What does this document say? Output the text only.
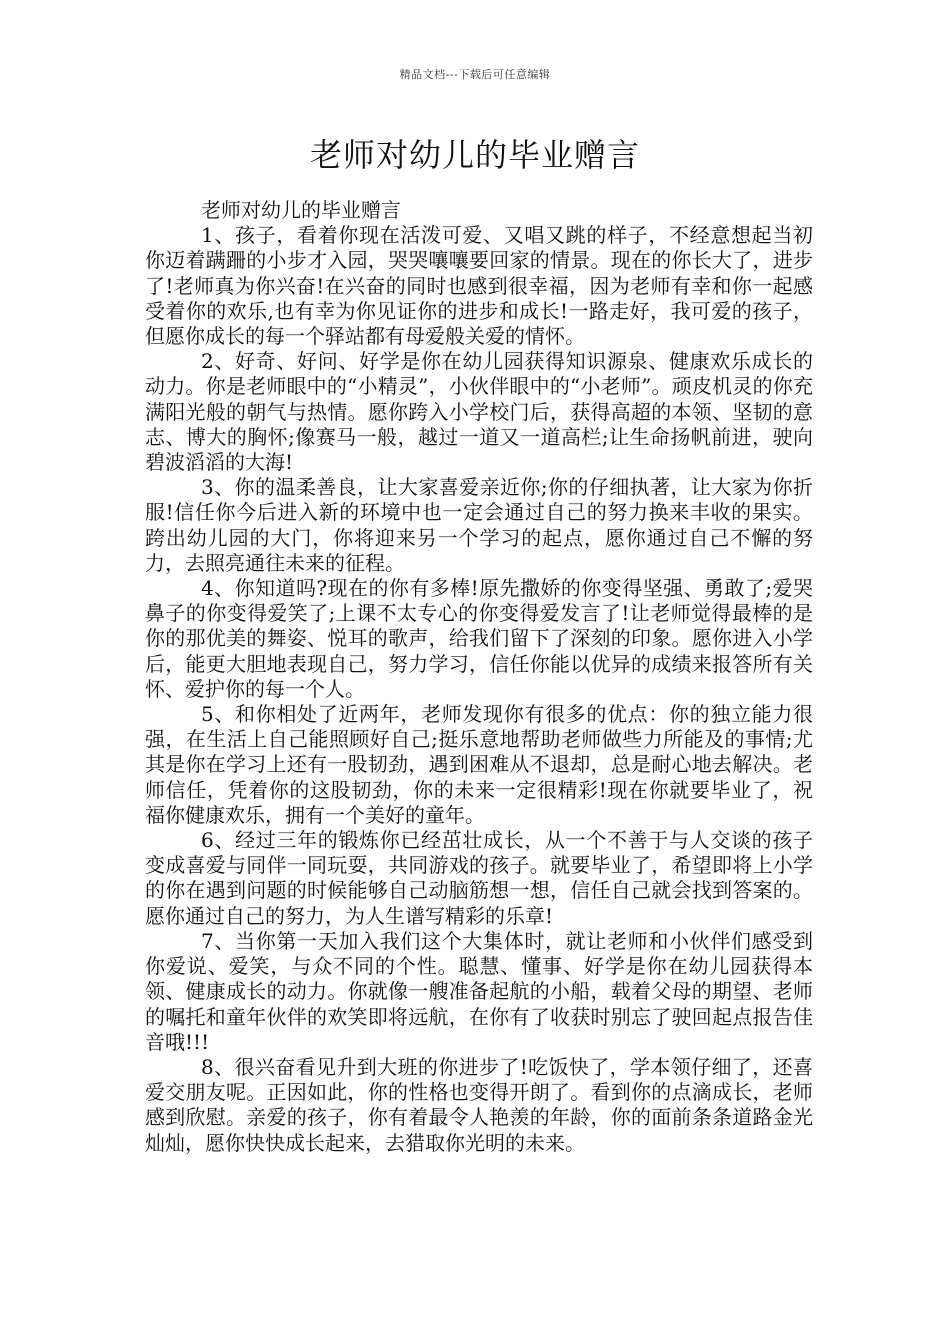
精品文档---下载后可任意编辑
老师对幼儿的毕业赠言

老师对幼儿的毕业赠言

1、孩子，看着你现在活泼可爱、又唱又跳的样子，不经意想起当初你迈着蹒跚的小步才入园，哭哭嚷嚷要回家的情景。现在的你长大了，进步了!老师真为你兴奋!在兴奋的同时也感到很幸福，因为老师有幸和你一起感受着你的欢乐,也有幸为你见证你的进步和成长!一路走好，我可爱的孩子，但愿你成长的每一个驿站都有母爱般关爱的情怀。

2、好奇、好问、好学是你在幼儿园获得知识源泉、健康欢乐成长的动力。你是老师眼中的“小精灵”，小伙伴眼中的“小老师”。顽皮机灵的你充满阳光般的朝气与热情。愿你跨入小学校门后，获得高超的本领、坚韧的意志、博大的胸怀;像赛马一般，越过一道又一道高栏;让生命扬帆前进，驶向碧波滔滔的大海!

3、你的温柔善良，让大家喜爱亲近你;你的仔细执著，让大家为你折服!信任你今后进入新的环境中也一定会通过自己的努力换来丰收的果实。跨出幼儿园的大门，你将迎来另一个学习的起点，愿你通过自己不懈的努力，去照亮通往未来的征程。

4、你知道吗?现在的你有多棒!原先撒娇的你变得坚强、勇敢了;爱哭鼻子的你变得爱笑了;上课不太专心的你变得爱发言了!让老师觉得最棒的是你的那优美的舞姿、悦耳的歌声，给我们留下了深刻的印象。愿你进入小学后，能更大胆地表现自己，努力学习，信任你能以优异的成绩来报答所有关怀、爱护你的每一个人。

5、和你相处了近两年，老师发现你有很多的优点：你的独立能力很强，在生活上自己能照顾好自己;挺乐意地帮助老师做些力所能及的事情;尤其是你在学习上还有一股韧劲，遇到困难从不退却，总是耐心地去解决。老师信任，凭着你的这股韧劲，你的未来一定很精彩!现在你就要毕业了，祝福你健康欢乐，拥有一个美好的童年。

6、经过三年的锻炼你已经茁壮成长，从一个不善于与人交谈的孩子变成喜爱与同伴一同玩耍，共同游戏的孩子。就要毕业了，希望即将上小学的你在遇到问题的时候能够自己动脑筋想一想，信任自己就会找到答案的。愿你通过自己的努力，为人生谱写精彩的乐章!

7、当你第一天加入我们这个大集体时，就让老师和小伙伴们感受到你爱说、爱笑，与众不同的个性。聪慧、懂事、好学是你在幼儿园获得本领、健康成长的动力。你就像一艘准备起航的小船，载着父母的期望、老师的嘱托和童年伙伴的欢笑即将远航，在你有了收获时别忘了驶回起点报告佳音哦!!!

8、很兴奋看见升到大班的你进步了!吃饭快了，学本领仔细了，还喜爱交朋友呢。正因如此，你的性格也变得开朗了。看到你的点滴成长，老师感到欣慰。亲爱的孩子，你有着最令人艳羡的年龄，你的面前条条道路金光灿灿，愿你快快成长起来，去猎取你光明的未来。
